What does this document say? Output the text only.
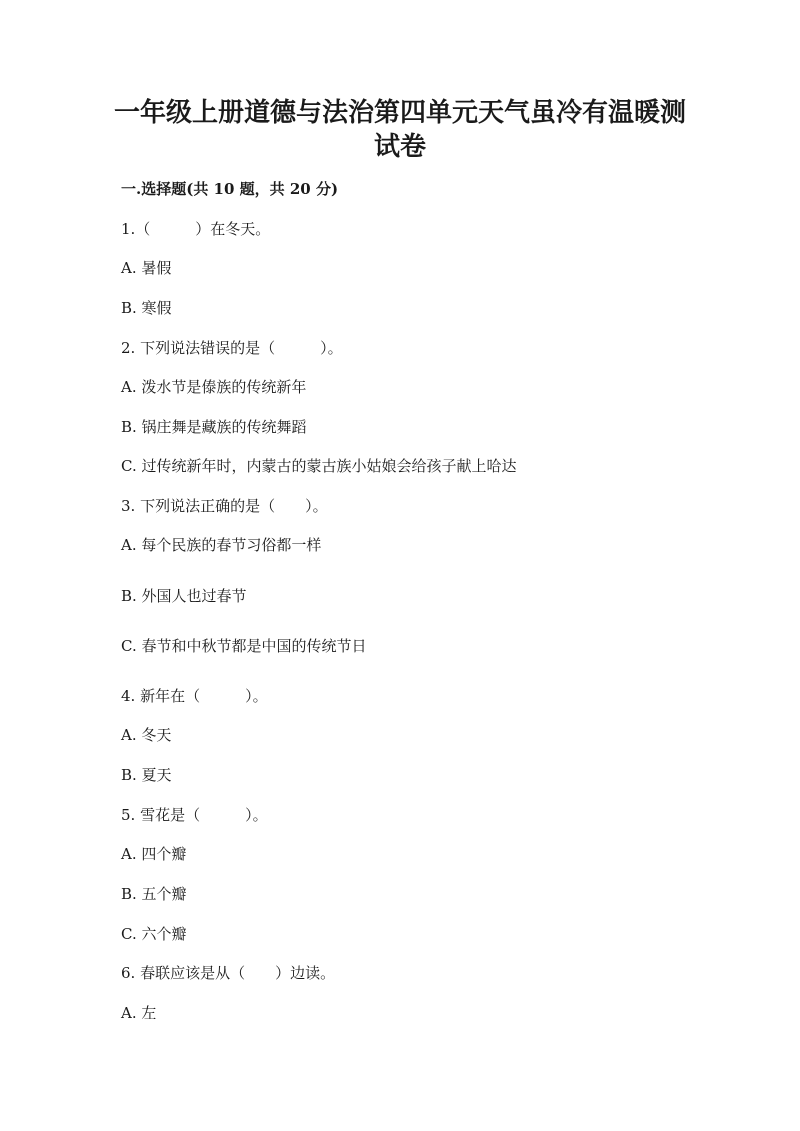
一年级上册道德与法治第四单元天气虽冷有温暖测
试卷
一.选择题(共 10 题，共 20 分)
1.（　　　）在冬天。
A. 暑假
B. 寒假
2. 下列说法错误的是（　　　）。
A. 泼水节是傣族的传统新年
B. 锅庄舞是藏族的传统舞蹈
C. 过传统新年时，内蒙古的蒙古族小姑娘会给孩子献上哈达
3. 下列说法正确的是（　　）。
A. 每个民族的春节习俗都一样
B. 外国人也过春节
C. 春节和中秋节都是中国的传统节日
4. 新年在（　　　）。
A. 冬天
B. 夏天
5. 雪花是（　　　）。
A. 四个瓣
B. 五个瓣
C. 六个瓣
6. 春联应该是从（　　）边读。
A. 左
